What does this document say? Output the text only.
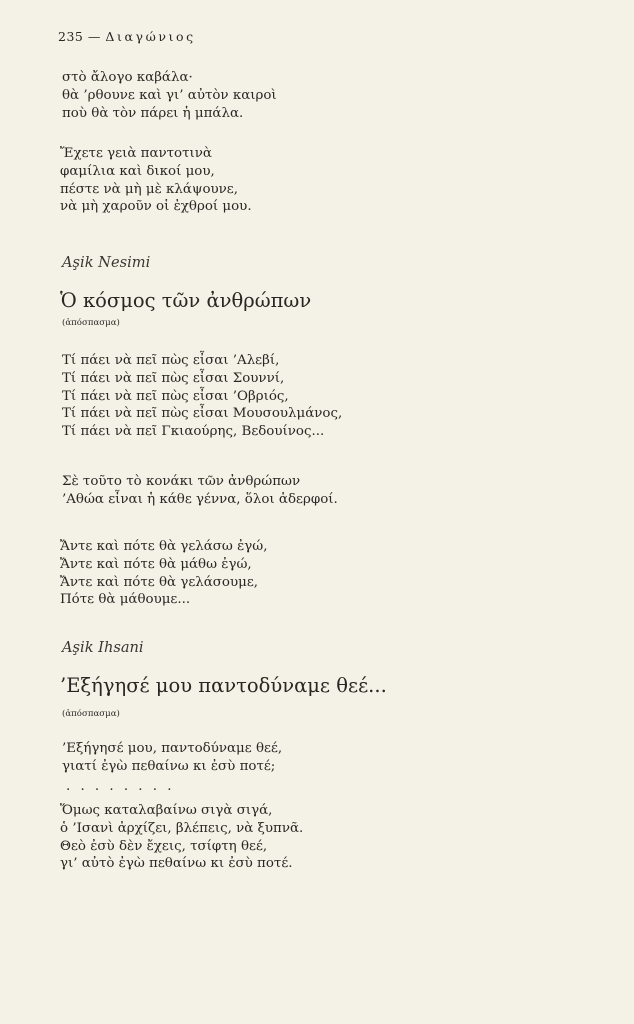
235 — Διαγώνιος
στὸ ἄλογο καβάλα·
θὰ ’ρθουνε καὶ γι’ αὐτὸν καιροὶ
ποὺ θὰ τὸν πάρει ἡ μπάλα.
Ἔχετε γειὰ παντοτινὰ
φαμίλια καὶ δικοί μου,
πέστε νὰ μὴ μὲ κλάψουνε,
νὰ μὴ χαροῦν οἱ ἐχθροί μου.
Aşik Nesimi
Ὁ κόσμος τῶν ἀνθρώπων
(ἀπόσπασμα)
Τί πάει νὰ πεῖ πὼς εἶσαι ’Αλεβί,
Τί πάει νὰ πεῖ πὼς εἶσαι Σουννί,
Τί πάει νὰ πεῖ πὼς εἶσαι ’Οβριός,
Τί πάει νὰ πεῖ πὼς εἶσαι Μουσουλμάνος,
Τί πάει νὰ πεῖ Γκιαούρης, Βεδουίνος...
Σὲ τοῦτο τὸ κονάκι τῶν ἀνθρώπων
’Αθώα εἶναι ἡ κάθε γέννα, ὅλοι ἀδερφοί.
Ἄντε καὶ πότε θὰ γελάσω ἐγώ,
Ἄντε καὶ πότε θὰ μάθω ἐγώ,
Ἄντε καὶ πότε θὰ γελάσουμε,
Πότε θὰ μάθουμε...
Aşik Ihsani
’Εξήγησέ μου παντοδύναμε θεέ...
(ἀπόσπασμα)
’Εξήγησέ μου, παντοδύναμε θεέ,
γιατί ἐγὼ πεθαίνω κι ἐσὺ ποτέ;
........
Ὅμως καταλαβαίνω σιγὰ σιγά,
ὁ ’Ισανὶ ἀρχίζει, βλέπεις, νὰ ξυπνᾶ.
Θεὸ ἐσὺ δὲν ἔχεις, τσίφτη θεέ,
γι’ αὐτὸ ἐγὼ πεθαίνω κι ἐσὺ ποτέ.
